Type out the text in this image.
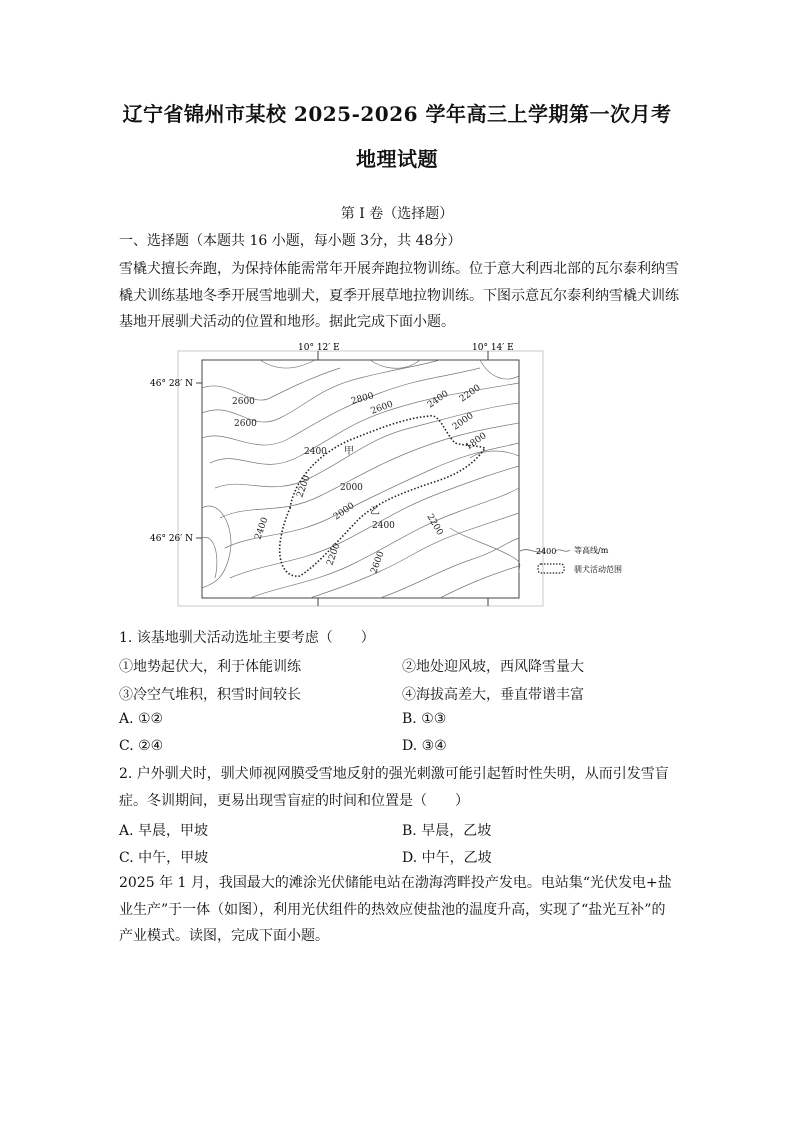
辽宁省锦州市某校 2025-2026 学年高三上学期第一次月考
地理试题
第 I 卷（选择题）
一、选择题（本题共 16 小题，每小题 3分，共 48分）
雪橇犬擅长奔跑，为保持体能需常年开展奔跑拉物训练。位于意大利西北部的瓦尔泰利纳雪橇犬训练基地冬季开展雪地驯犬，夏季开展草地拉物训练。下图示意瓦尔泰利纳雪橇犬训练基地开展驯犬活动的位置和地形。据此完成下面小题。
10° 12′ E	10° 14′ E
46° 28′ N
46° 26′ N
2600
2600
2800
2600	2400 2200
2000
1800
2400 甲
2200	2000
2000 乙
2200
2400
2400
2200	2600	2400 等高线/m
驯犬活动范围
1. 该基地驯犬活动选址主要考虑（　　）
①地势起伏大，利于体能训练	②地处迎风坡，西风降雪量大
③冷空气堆积，积雪时间较长	④海拔高差大，垂直带谱丰富
A. ①②	B. ①③
C. ②④	D. ③④
2. 户外驯犬时，驯犬师视网膜受雪地反射的强光刺激可能引起暂时性失明，从而引发雪盲症。冬训期间，更易出现雪盲症的时间和位置是（　　）
A. 早晨，甲坡	B. 早晨，乙坡
C. 中午，甲坡	D. 中午，乙坡
2025 年 1 月，我国最大的滩涂光伏储能电站在渤海湾畔投产发电。电站集“光伏发电+盐业生产”于一体（如图），利用光伏组件的热效应使盐池的温度升高，实现了“盐光互补”的产业模式。读图，完成下面小题。
